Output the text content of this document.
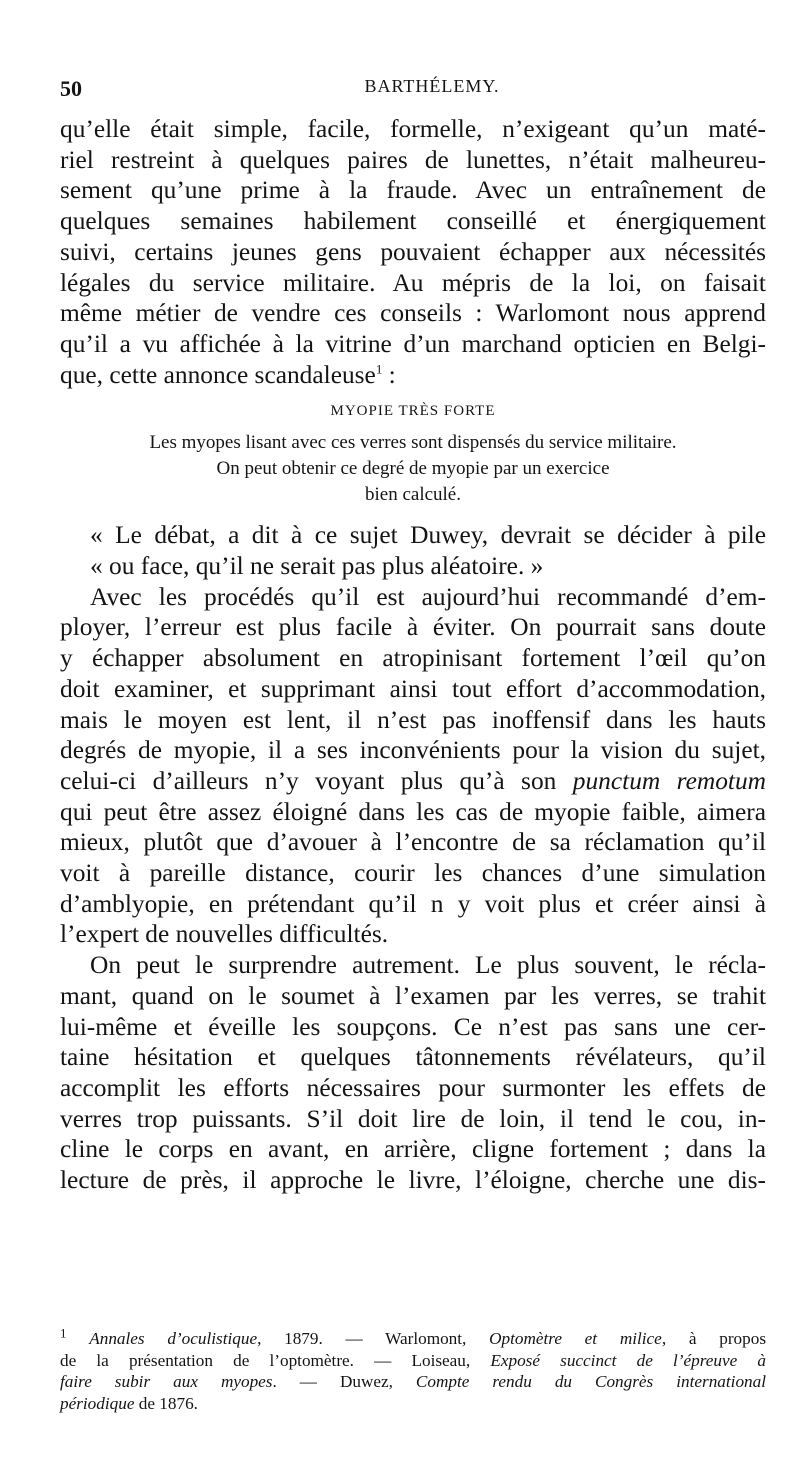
50	BARTHÉLEMY.
qu’elle était simple, facile, formelle, n’exigeant qu’un maté-
riel restreint à quelques paires de lunettes, n’était malheureu-
sement qu’une prime à la fraude. Avec un entraînement de
quelques semaines habilement conseillé et énergiquement
suivi, certains jeunes gens pouvaient échapper aux nécessités
légales du service militaire. Au mépris de la loi, on faisait
même métier de vendre ces conseils : Warlomont nous apprend
qu’il a vu affichée à la vitrine d’un marchand opticien en Belgi-
que, cette annonce scandaleuse$^1$ :
MYOPIE TRÈS FORTE
Les myopes lisant avec ces verres sont dispensés du service militaire.
On peut obtenir ce degré de myopie par un exercice
bien calculé.
« Le débat, a dit à ce sujet Duwey, devrait se décider à pile
« ou face, qu’il ne serait pas plus aléatoire. »
Avec les procédés qu’il est aujourd’hui recommandé d’em-
ployer, l’erreur est plus facile à éviter. On pourrait sans doute
y échapper absolument en atropinisant fortement l’œil qu’on
doit examiner, et supprimant ainsi tout effort d’accommodation,
mais le moyen est lent, il n’est pas inoffensif dans les hauts
degrés de myopie, il a ses inconvénients pour la vision du sujet,
celui-ci d’ailleurs n’y voyant plus qu’à son punctum remotum
qui peut être assez éloigné dans les cas de myopie faible, aimera
mieux, plutôt que d’avouer à l’encontre de sa réclamation qu’il
voit à pareille distance, courir les chances d’une simulation
d’amblyopie, en prétendant qu’il n y voit plus et créer ainsi à
l’expert de nouvelles difficultés.
On peut le surprendre autrement. Le plus souvent, le récla-
mant, quand on le soumet à l’examen par les verres, se trahit
lui-même et éveille les soupçons. Ce n’est pas sans une cer-
taine hésitation et quelques tâtonnements révélateurs, qu’il
accomplit les efforts nécessaires pour surmonter les effets de
verres trop puissants. S’il doit lire de loin, il tend le cou, in-
cline le corps en avant, en arrière, cligne fortement ; dans la
lecture de près, il approche le livre, l’éloigne, cherche une dis-
$^1$ Annales d’oculistique, 1879. — Warlomont, Optomètre et milice, à propos
de la présentation de l’optomètre. — Loiseau, Exposé succinct de l’épreuve à
faire subir aux myopes. — Duwez, Compte rendu du Congrès international
périodique de 1876.
